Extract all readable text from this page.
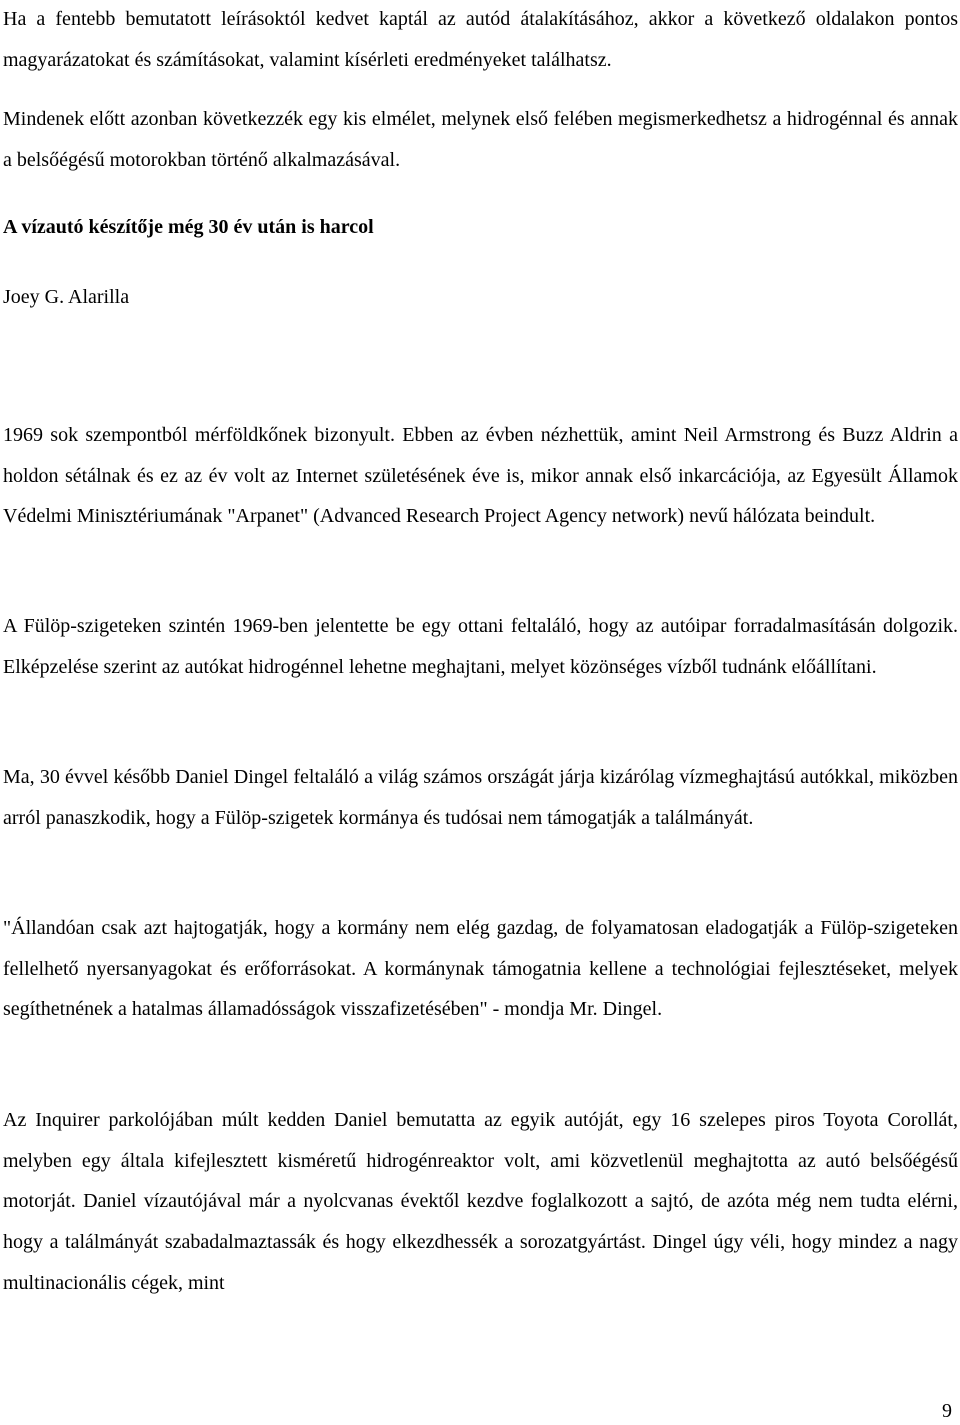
Ha a fentebb bemutatott leírásoktól kedvet kaptál az autód átalakításához, akkor a következő oldalakon pontos magyarázatokat és számításokat, valamint kísérleti eredményeket találhatsz.

Mindenek előtt azonban következzék egy kis elmélet, melynek első felében megismerkedhetsz a hidrogénnal és annak a belsőégésű motorokban történő alkalmazásával.

A vízautó készítője még 30 év után is harcol

Joey G. Alarilla

1969 sok szempontból mérföldkőnek bizonyult. Ebben az évben nézhettük, amint Neil Armstrong és Buzz Aldrin a holdon sétálnak és ez az év volt az Internet születésének éve is, mikor annak első inkarcációja, az Egyesült Államok Védelmi Minisztériumának "Arpanet" (Advanced Research Project Agency network) nevű hálózata beindult.

A Fülöp-szigeteken szintén 1969-ben jelentette be egy ottani feltaláló, hogy az autóipar forradalmasításán dolgozik. Elképzelése szerint az autókat hidrogénnel lehetne meghajtani, melyet közönséges vízből tudnánk előállítani.

Ma, 30 évvel később Daniel Dingel feltaláló a világ számos országát járja kizárólag vízmeghajtású autókkal, miközben arról panaszkodik, hogy a Fülöp-szigetek kormánya és tudósai nem támogatják a találmányát.

"Állandóan csak azt hajtogatják, hogy a kormány nem elég gazdag, de folyamatosan eladogatják a Fülöp-szigeteken fellelhető nyersanyagokat és erőforrásokat. A kormánynak támogatnia kellene a technológiai fejlesztéseket, melyek segíthetnének a hatalmas államadósságok visszafizetésében" - mondja Mr. Dingel.

Az Inquirer parkolójában múlt kedden Daniel bemutatta az egyik autóját, egy 16 szelepes piros Toyota Corollát, melyben egy általa kifejlesztett kisméretű hidrogénreaktor volt, ami közvetlenül meghajtotta az autó belsőégésű motorját. Daniel vízautójával már a nyolcvanas évektől kezdve foglalkozott a sajtó, de azóta még nem tudta elérni, hogy a találmányát szabadalmaztassák és hogy elkezdhessék a sorozatgyártást. Dingel úgy véli, hogy mindez a nagy multinacionális cégek, mint

9
